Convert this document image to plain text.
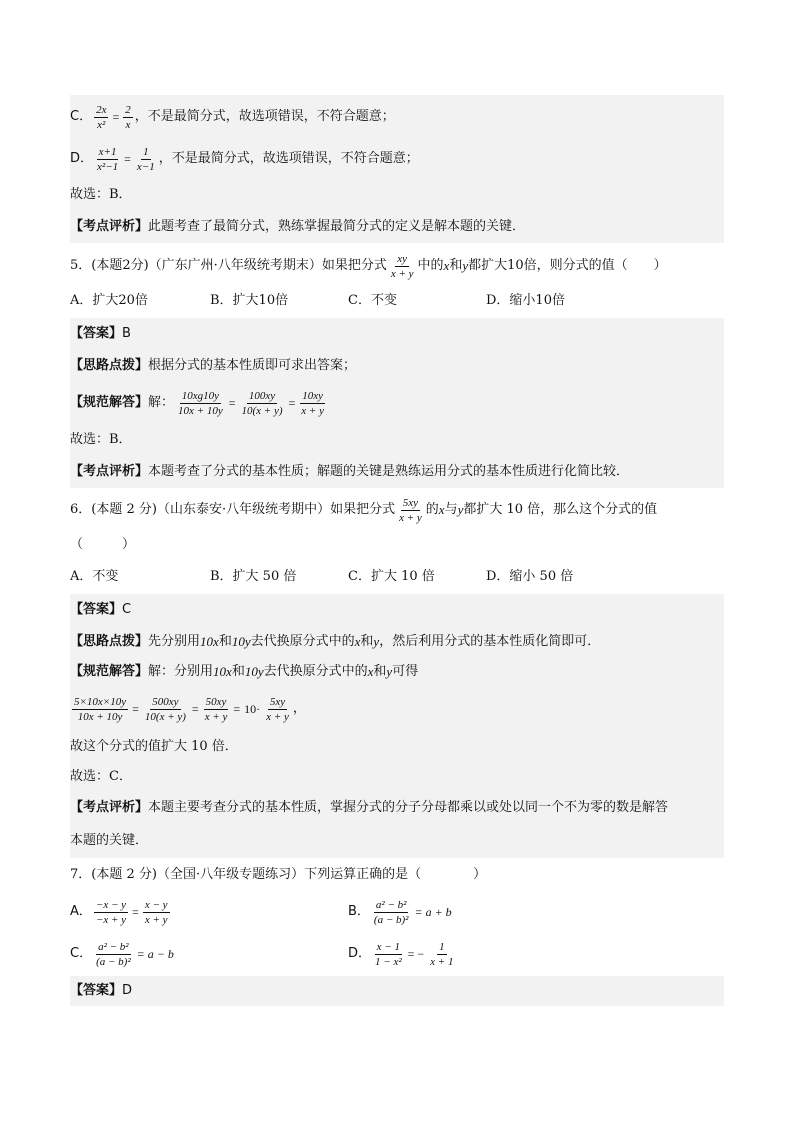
C． $\frac{2x}{\text{x²}} = \frac{2}{x}$ ，不是最简分式，故选项错误，不符合题意；
D． $\frac{x+1}{\text{x²−1}} = \frac{1}{x-1}$ ，不是最简分式，故选项错误，不符合题意；
故选：B．
【考点评析】 此题考查了最简分式，熟练掌握最简分式的定义是解本题的关键．
5．(本题2分)（广东广州·八年级统考期末）如果把分式 $\frac{xy}{x + y}$ 中的 x 和 y 都扩大10倍，则分式的值（　　）
A．扩大20倍	B．扩大10倍	C．不变	D．缩小10倍
【答案】 B
【思路点拨】 根据分式的基本性质即可求出答案；
【规范解答】 解： $\frac{10xg10y}{10x + 10y} = \frac{100xy}{10(x + y)} = \frac{10xy}{x + y}$
故选：B．
【考点评析】 本题考查了分式的基本性质；解题的关键是熟练运用分式的基本性质进行化简比较．
6．(本题 2 分)（山东泰安·八年级统考期中）如果把分式 $\frac{5xy}{x + y}$ 的 x 与 y 都扩大 10 倍，那么这个分式的值
（　　　）
A．不变	B．扩大 50 倍	C．扩大 10 倍	D．缩小 50 倍
【答案】 C
【思路点拨】 先分别用 10x 和 10y 去代换原分式中的 x 和 y ，然后利用分式的基本性质化简即可．
【规范解答】 解：分别用 10x 和 10y 去代换原分式中的 x 和 y 可得
$\frac{5\times 10x\times 10y}{10x + 10y} = \frac{500xy}{10(x + y)} = \frac{50xy}{x + y} = 10\cdot \frac{5xy}{x + y}$ ，
故这个分式的值扩大 10 倍．
故选：C．
【考点评析】 本题主要考查分式的基本性质，掌握分式的分子分母都乘以或处以同一个不为零的数是解答
本题的关键．
7．(本题 2 分)（全国·八年级专题练习）下列运算正确的是（　　　　）
A． $\frac{-x - y}{-x + y} = \frac{x - y}{x + y}$	B． $\frac{\text{a² − b²}}{\text{(a − b)²}} = a + b$
C． $\frac{\text{a² − b²}}{\text{(a − b)²}} = a - b$	D． $\frac{x - 1}{\text{1 − x²}}$ = − $\frac{1}{x + 1}$
【答案】 D
